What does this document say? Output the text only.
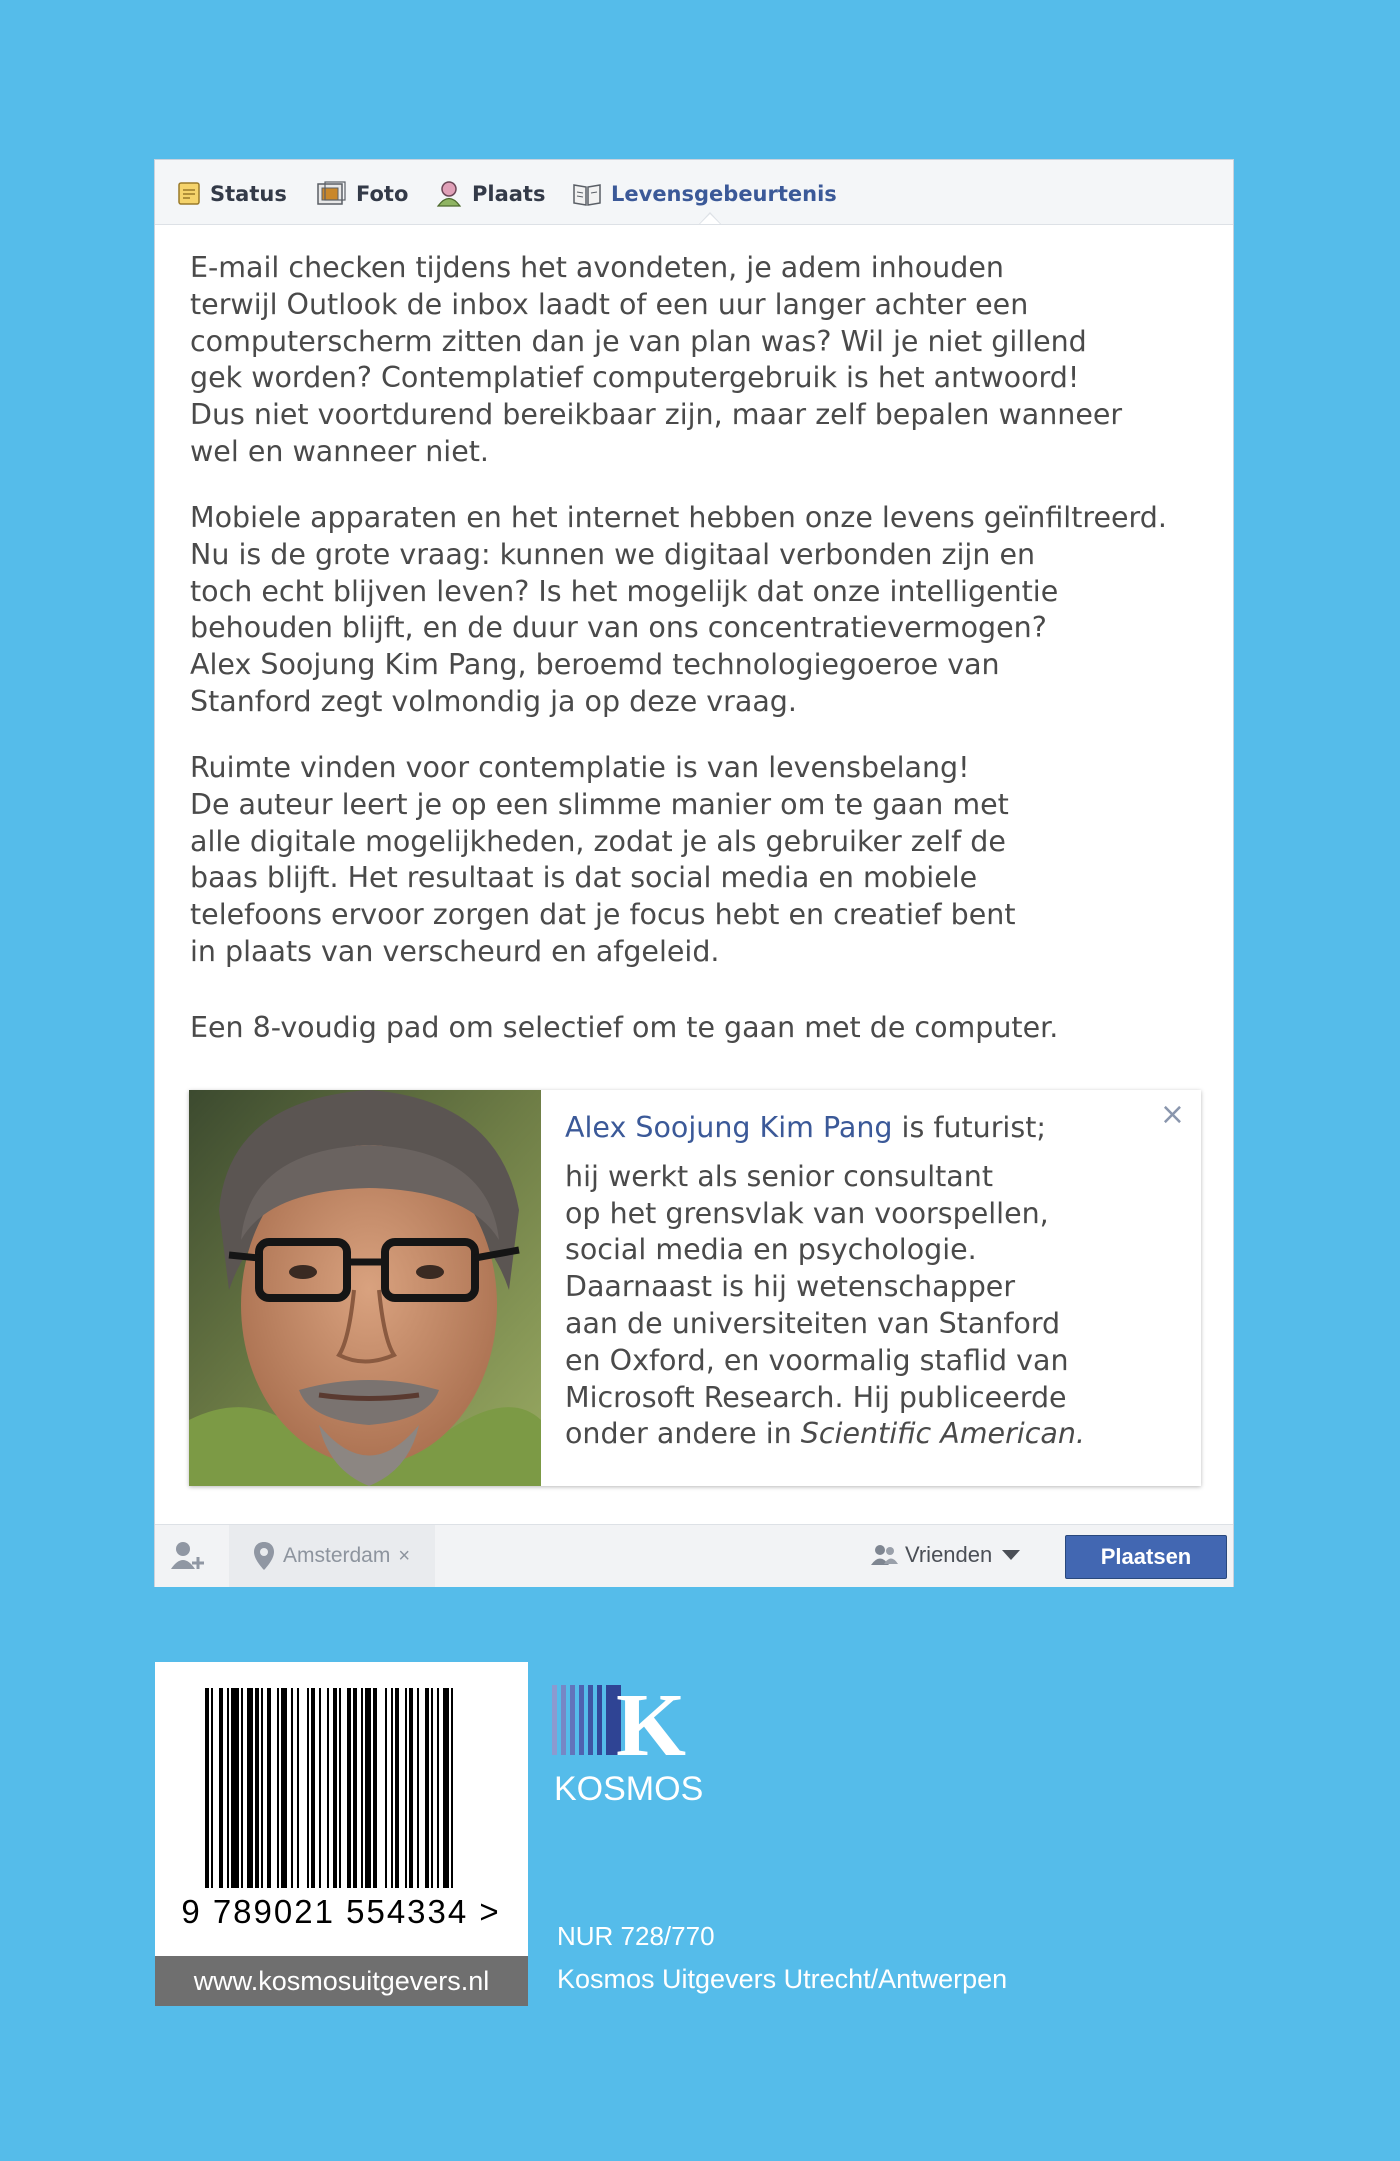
Status	Foto	Plaats	Levensgebeurtenis

E-mail checken tijdens het avondeten, je adem inhouden
terwijl Outlook de inbox laadt of een uur langer achter een
computerscherm zitten dan je van plan was? Wil je niet gillend
gek worden? Contemplatief computergebruik is het antwoord!
Dus niet voortdurend bereikbaar zijn, maar zelf bepalen wanneer
wel en wanneer niet.

Mobiele apparaten en het internet hebben onze levens geïnfiltreerd.
Nu is de grote vraag: kunnen we digitaal verbonden zijn en
toch echt blijven leven? Is het mogelijk dat onze intelligentie
behouden blijft, en de duur van ons concentratievermogen?
Alex Soojung Kim Pang, beroemd technologiegoeroe van
Stanford zegt volmondig ja op deze vraag.

Ruimte vinden voor contemplatie is van levensbelang!
De auteur leert je op een slimme manier om te gaan met
alle digitale mogelijkheden, zodat je als gebruiker zelf de
baas blijft. Het resultaat is dat social media en mobiele
telefoons ervoor zorgen dat je focus hebt en creatief bent
in plaats van verscheurd en afgeleid.

Een 8-voudig pad om selectief om te gaan met de computer.

×

Alex Soojung Kim Pang is futurist;

hij werkt als senior consultant
op het grensvlak van voorspellen,
social media en psychologie.
Daarnaast is hij wetenschapper
aan de universiteiten van Stanford
en Oxford, en voormalig staflid van
Microsoft Research. Hij publiceerde
onder andere in Scientific American.

Amsterdam ×	Vrienden	Plaatsen
9 789021 554334 >
www.kosmosuitgevers.nl
K
KOSMOS
NUR 728/770
Kosmos Uitgevers Utrecht/Antwerpen
